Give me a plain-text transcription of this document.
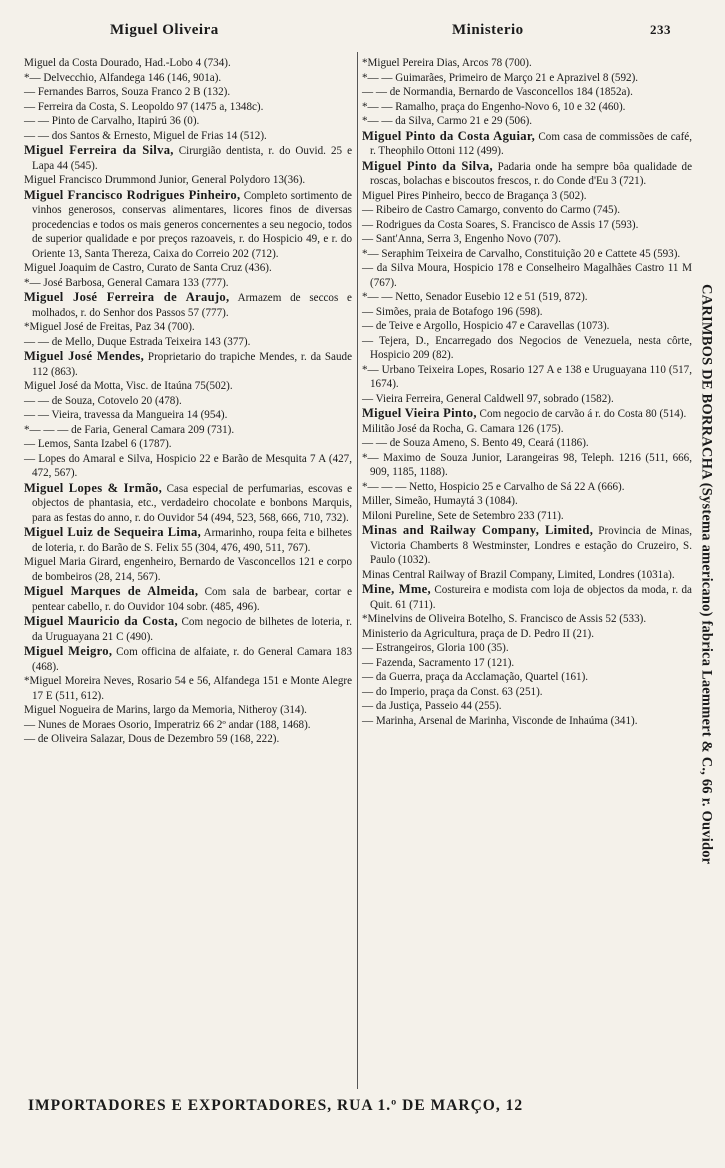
Miguel Oliveira	Ministerio	233

Miguel da Costa Dourado, Had.-Lobo 4 (734).

*— Delvecchio, Alfandega 146 (146, 901a).

— Fernandes Barros, Souza Franco 2 B (132).

— Ferreira da Costa, S. Leopoldo 97 (1475 a, 1348c).

— — Pinto de Carvalho, Itapirú 36 (0).

— — dos Santos & Ernesto, Miguel de Frias 14 (512).

Miguel Ferreira da Silva, Cirurgião dentista, r. do Ouvid. 25 e Lapa 44 (545).

Miguel Francisco Drummond Junior, General Polydoro 13(36).

Miguel Francisco Rodrigues Pinheiro, Completo sortimento de vinhos generosos, conservas alimentares, licores finos de diversas procedencias e todos os mais generos concernentes a seu negocio, todos de superior qualidade e por preços razoaveis, r. do Hospicio 49, e r. do Oriente 13, Santa Thereza, Caixa do Correio 202 (712).

Miguel Joaquim de Castro, Curato de Santa Cruz (436).

*— José Barbosa, General Camara 133 (777).

Miguel José Ferreira de Araujo, Armazem de seccos e molhados, r. do Senhor dos Passos 57 (777).

*Miguel José de Freitas, Paz 34 (700).

— — de Mello, Duque Estrada Teixeira 143 (377).

Miguel José Mendes, Proprietario do trapiche Mendes, r. da Saude 112 (863).

Miguel José da Motta, Visc. de Itaúna 75(502).

— — de Souza, Cotovelo 20 (478).

— — Vieira, travessa da Mangueira 14 (954).

*— — — de Faria, General Camara 209 (731).

— Lemos, Santa Izabel 6 (1787).

— Lopes do Amaral e Silva, Hospicio 22 e Barão de Mesquita 7 A (427, 472, 567).

Miguel Lopes & Irmão, Casa especial de perfumarias, escovas e objectos de phantasia, etc., verdadeiro chocolate e bonbons Marquis, para as festas do anno, r. do Ouvidor 54 (494, 523, 568, 666, 710, 732).

Miguel Luiz de Sequeira Lima, Armarinho, roupa feita e bilhetes de loteria, r. do Barão de S. Felix 55 (304, 476, 490, 511, 767).

Miguel Maria Girard, engenheiro, Bernardo de Vasconcellos 121 e corpo de bombeiros (28, 214, 567).

Miguel Marques de Almeida, Com sala de barbear, cortar e pentear cabello, r. do Ouvidor 104 sobr. (485, 496).

Miguel Mauricio da Costa, Com negocio de bilhetes de loteria, r. da Uruguayana 21 C (490).

Miguel Meigro, Com officina de alfaiate, r. do General Camara 183 (468).

*Miguel Moreira Neves, Rosario 54 e 56, Alfandega 151 e Monte Alegre 17 E (511, 612).

Miguel Nogueira de Marins, largo da Memoria, Nitheroy (314).

— Nunes de Moraes Osorio, Imperatriz 66 2º andar (188, 1468).

— de Oliveira Salazar, Dous de Dezembro 59 (168, 222).

*Miguel Pereira Dias, Arcos 78 (700).

*— — Guimarães, Primeiro de Março 21 e Aprazivel 8 (592).

— — de Normandia, Bernardo de Vasconcellos 184 (1852a).

*— — Ramalho, praça do Engenho-Novo 6, 10 e 32 (460).

*— — da Silva, Carmo 21 e 29 (506).

Miguel Pinto da Costa Aguiar, Com casa de commissões de café, r. Theophilo Ottoni 112 (499).

Miguel Pinto da Silva, Padaria onde ha sempre bôa qualidade de roscas, bolachas e biscoutos frescos, r. do Conde d'Eu 3 (721).

Miguel Pires Pinheiro, becco de Bragança 3 (502).

— Ribeiro de Castro Camargo, convento do Carmo (745).

— Rodrigues da Costa Soares, S. Francisco de Assis 17 (593).

— Sant'Anna, Serra 3, Engenho Novo (707).

*— Seraphim Teixeira de Carvalho, Constituição 20 e Cattete 45 (593).

— da Silva Moura, Hospicio 178 e Conselheiro Magalhães Castro 11 M (767).

*— — Netto, Senador Eusebio 12 e 51 (519, 872).

— Simões, praia de Botafogo 196 (598).

— de Teive e Argollo, Hospicio 47 e Caravellas (1073).

— Tejera, D., Encarregado dos Negocios de Venezuela, nesta côrte, Hospicio 209 (82).

*— Urbano Teixeira Lopes, Rosario 127 A e 138 e Uruguayana 110 (517, 1674).

— Vieira Ferreira, General Caldwell 97, sobrado (1582).

Miguel Vieira Pinto, Com negocio de carvão á r. do Costa 80 (514).

Militão José da Rocha, G. Camara 126 (175).

— — de Souza Ameno, S. Bento 49, Ceará (1186).

*— Maximo de Souza Junior, Larangeiras 98, Teleph. 1216 (511, 666, 909, 1185, 1188).

*— — — Netto, Hospicio 25 e Carvalho de Sá 22 A (666).

Miller, Simeão, Humaytá 3 (1084).

Miloni Pureline, Sete de Setembro 233 (711).

Minas and Railway Company, Limited, Provincia de Minas, Victoria Chamberts 8 Westminster, Londres e estação do Cruzeiro, S. Paulo (1032).

Minas Central Railway of Brazil Company, Limited, Londres (1031a).

Mine, Mme, Costureira e modista com loja de objectos da moda, r. da Quit. 61 (711).

*Minelvins de Oliveira Botelho, S. Francisco de Assis 52 (533).

Ministerio da Agricultura, praça de D. Pedro II (21).

— Estrangeiros, Gloria 100 (35).

— Fazenda, Sacramento 17 (121).

— da Guerra, praça da Acclamação, Quartel (161).

— do Imperio, praça da Const. 63 (251).

— da Justiça, Passeio 44 (255).

— Marinha, Arsenal de Marinha, Visconde de Inhaúma (341).	CARIMBOS DE BORRACHA (Systema americano) fabrica Laemmert & C., 66 r. Ouvidor
IMPORTADORES E EXPORTADORES, RUA 1.º DE MARÇO, 12
